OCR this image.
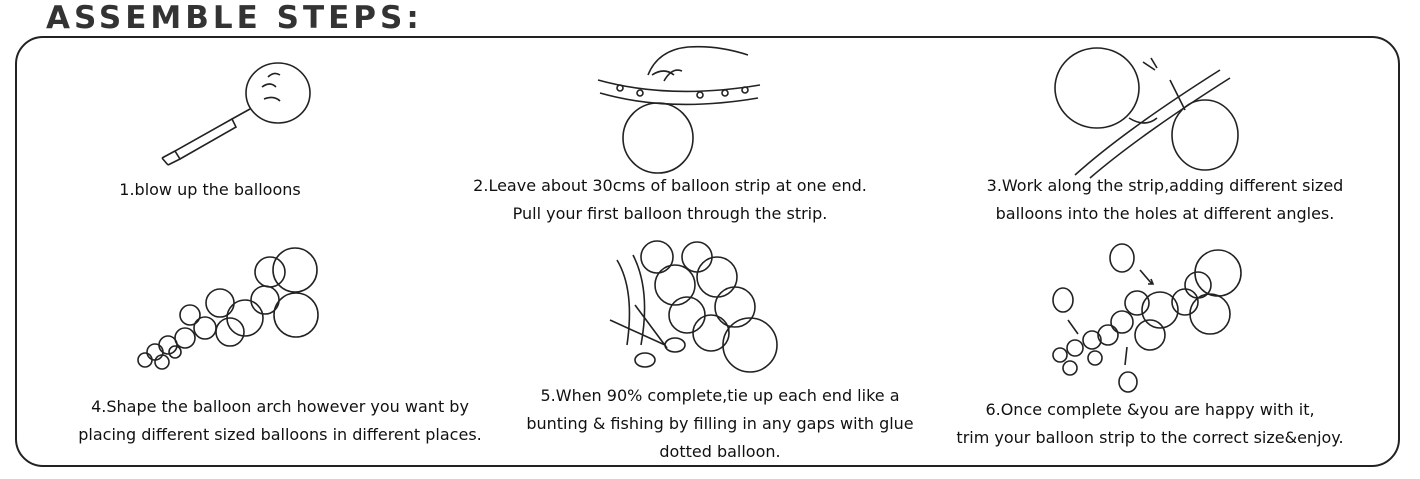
ASSEMBLE STEPS:
1.blow up the balloons	2.Leave about 30cms of balloon strip at one end.
Pull your first balloon through the strip.
3.Work along the strip,adding different sized
balloons into the holes at different angles.
4.Shape the balloon arch however you want by
placing different sized balloons in different places.
5.When 90% complete,tie up each end like a
bunting & fishing by filling in any gaps with glue
dotted balloon.
6.Once complete &you are happy with it,
trim your balloon strip to the correct size&enjoy.
